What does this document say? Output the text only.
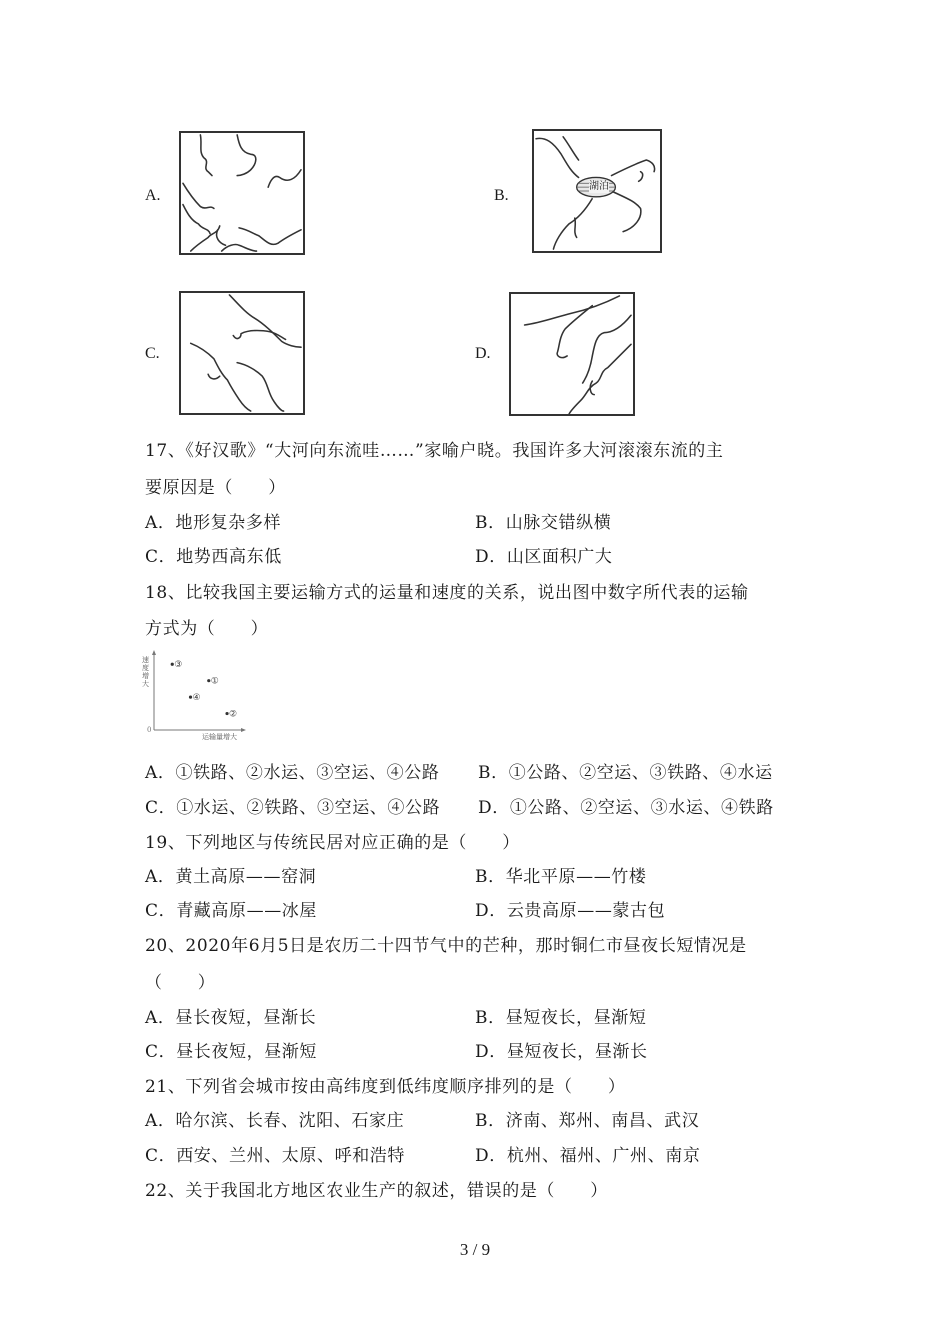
A.	B.
湖泊
C.	D.
17、《好汉歌》“大河向东流哇……”家喻户晓。我国许多大河滚滚东流的主
要原因是（　　）
A．地形复杂多样	B．山脉交错纵横
C．地势西高东低	D．山区面积广大
18、比较我国主要运输方式的运量和速度的关系，说出图中数字所代表的运输
方式为（　　）
③
①
④
②
速度增大
运输量增大
0
A．①铁路、②水运、③空运、④公路 B．①公路、②空运、③铁路、④水运
C．①水运、②铁路、③空运、④公路 D．①公路、②空运、③水运、④铁路
19、下列地区与传统民居对应正确的是（　　）
A．黄土高原——窑洞	B．华北平原——竹楼
C．青藏高原——冰屋	D．云贵高原——蒙古包
20、2020年6月5日是农历二十四节气中的芒种，那时铜仁市昼夜长短情况是
（　　）
A．昼长夜短，昼渐长	B．昼短夜长，昼渐短
C．昼长夜短，昼渐短	D．昼短夜长，昼渐长
21、下列省会城市按由高纬度到低纬度顺序排列的是（　　）
A．哈尔滨、长春、沈阳、石家庄	B．济南、郑州、南昌、武汉
C．西安、兰州、太原、呼和浩特	D．杭州、福州、广州、南京
22、关于我国北方地区农业生产的叙述，错误的是（　　）
3 / 9
